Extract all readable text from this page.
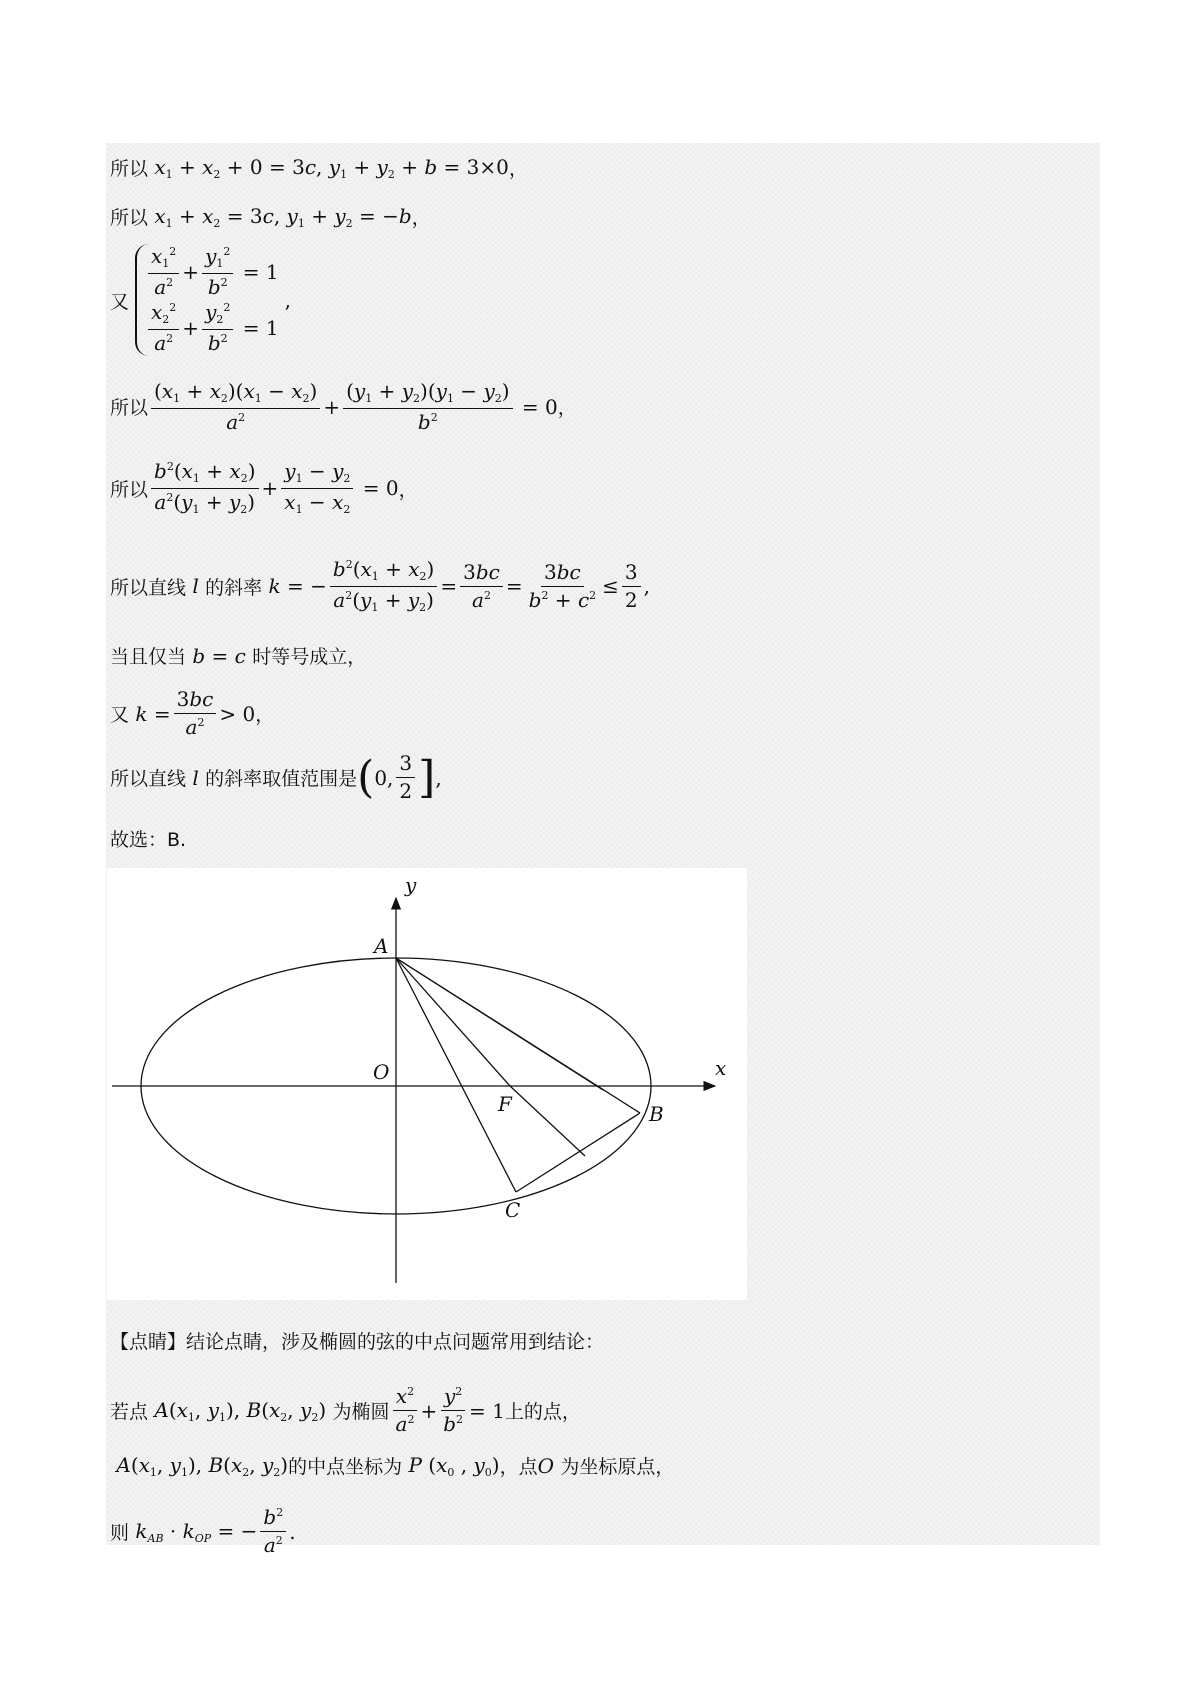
所以 $x_1 + x_2 + 0 = 3c$, $y_1 + y_2 + b = 3\times 0$ ，
所以 $x_1 + x_2 = 3c$, $y_1 + y_2 = -b$ ，
又
$\frac{x_1^2}{a^2} + \frac{y_1^2}{b^2} = 1$
$\frac{x_2^2}{a^2} + \frac{y_2^2}{b^2} = 1$
,
所以 $\frac{(x_1 + x_2)(x_1 - x_2)}{a^2} + \frac{(y_1 + y_2)(y_1 - y_2)}{b^2} = 0$ ，
所以 $\frac{b^2(x_1 + x_2)}{a^2(y_1 + y_2)} + \frac{y_1 - y_2}{x_1 - x_2} = 0$ ，
所以直线 l 的斜率 k = − $\frac{b^2(x_1 + x_2)}{a^2(y_1 + y_2)} = \frac{3bc}{a^2} = \frac{3bc}{b^2 + c^2} \le \frac{3}{2}$ ,
当且仅当 b = c 时等号成立，
又 $k = \frac{3bc}{a^2} > 0$ ，
所以直线 l 的斜率取值范围是 ( 0, $\frac{3}{2}$ ] ,
故选：B.
y
x
O
A
B
C
F
【点睛】结论点睛，涉及椭圆的弦的中点问题常用到结论：
若点 $A(x_1$, $y_1$), $B(x_2$, $y_2$) 为椭圆 $\frac{x^2}{a^2} + \frac{y^2}{b^2} = 1$ 上的点，
$A(x_1$, $y_1$), $B(x_2$, $y_2$) 的中点坐标为 P ($x_0$ , $y_0$) ，点 O 为坐标原点，
则 $k_{AB} \cdot k_{OP}$ = − $\frac{b^2}{a^2}$ .
